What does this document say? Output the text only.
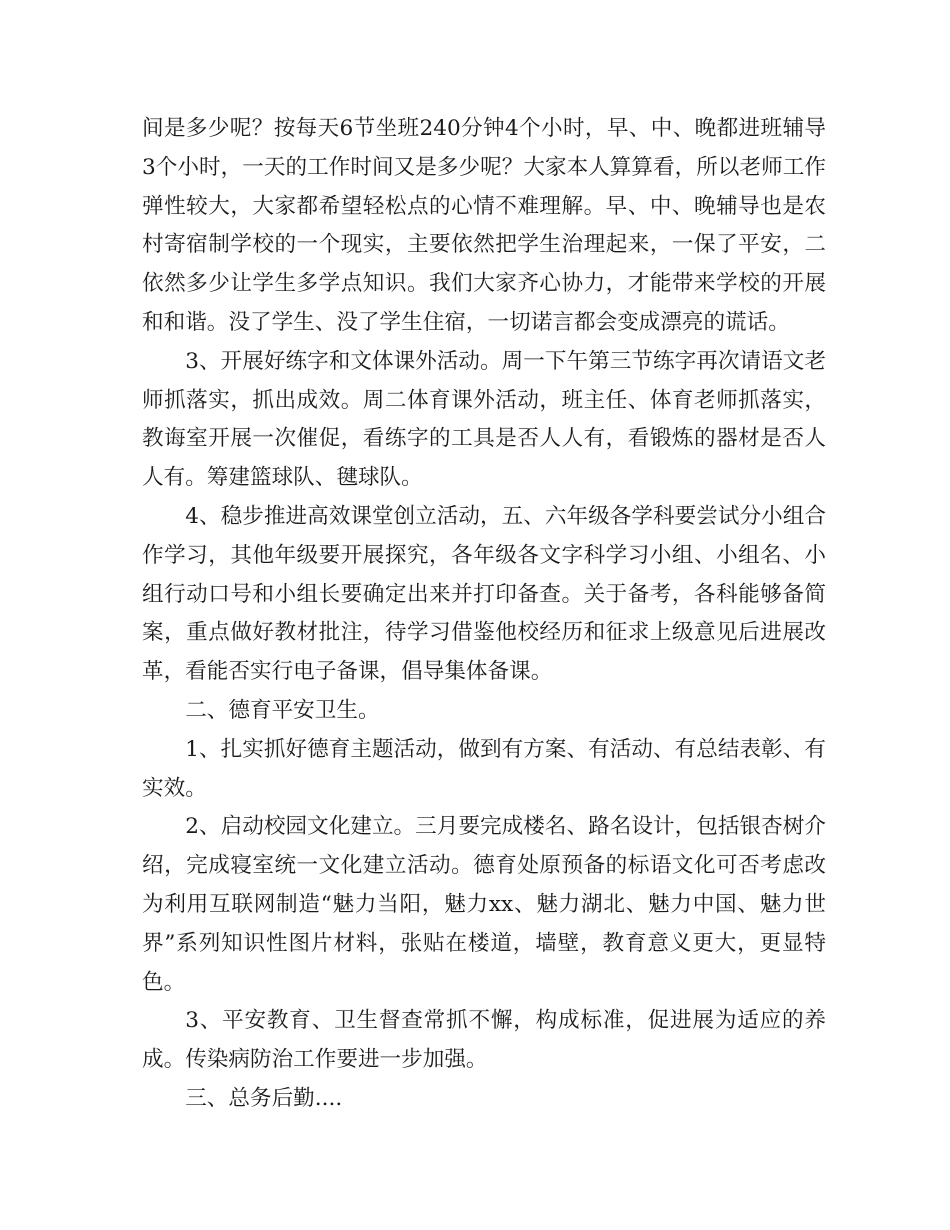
间是多少呢？按每天6节坐班240分钟4个小时，早、中、晚都进班辅导3个小时，一天的工作时间又是多少呢？大家本人算算看，所以老师工作弹性较大，大家都希望轻松点的心情不难理解。早、中、晚辅导也是农村寄宿制学校的一个现实，主要依然把学生治理起来，一保了平安，二依然多少让学生多学点知识。我们大家齐心协力，才能带来学校的开展和和谐。没了学生、没了学生住宿，一切诺言都会变成漂亮的谎话。

3、开展好练字和文体课外活动。周一下午第三节练字再次请语文老师抓落实，抓出成效。周二体育课外活动，班主任、体育老师抓落实，教诲室开展一次催促，看练字的工具是否人人有，看锻炼的器材是否人人有。筹建篮球队、毽球队。

4、稳步推进高效课堂创立活动，五、六年级各学科要尝试分小组合作学习，其他年级要开展探究，各年级各文字科学习小组、小组名、小组行动口号和小组长要确定出来并打印备查。关于备考，各科能够备简案，重点做好教材批注，待学习借鉴他校经历和征求上级意见后进展改革，看能否实行电子备课，倡导集体备课。

二、德育平安卫生。

1、扎实抓好德育主题活动，做到有方案、有活动、有总结表彰、有实效。

2、启动校园文化建立。三月要完成楼名、路名设计，包括银杏树介绍，完成寝室统一文化建立活动。德育处原预备的标语文化可否考虑改为利用互联网制造“魅力当阳，魅力xx、魅力湖北、魅力中国、魅力世界”系列知识性图片材料，张贴在楼道，墙壁，教育意义更大，更显特色。

3、平安教育、卫生督查常抓不懈，构成标准，促进展为适应的养成。传染病防治工作要进一步加强。

三、总务后勤....
